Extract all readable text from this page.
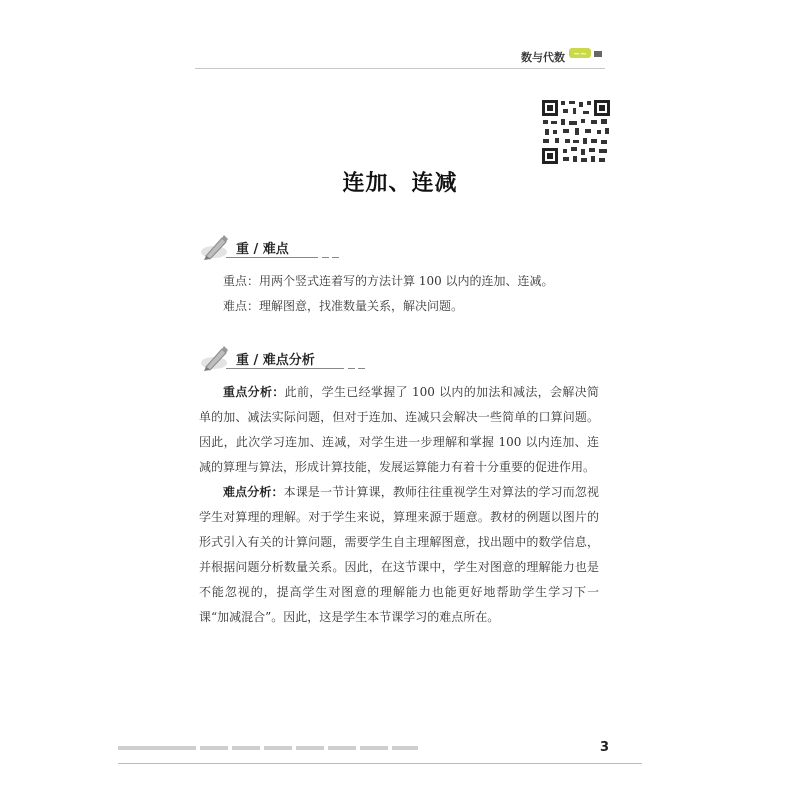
数与代数 ~~
连加、连减
重 / 难点
重点：用两个竖式连着写的方法计算 100 以内的连加、连减。
难点：理解图意，找准数量关系，解决问题。
重 / 难点分析
重点分析：此前，学生已经掌握了 100 以内的加法和减法，会解决简单的加、减法实际问题，但对于连加、连减只会解决一些简单的口算问题。因此，此次学习连加、连减，对学生进一步理解和掌握 100 以内连加、连减的算理与算法，形成计算技能，发展运算能力有着十分重要的促进作用。
难点分析：本课是一节计算课，教师往往重视学生对算法的学习而忽视学生对算理的理解。对于学生来说，算理来源于题意。教材的例题以图片的形式引入有关的计算问题，需要学生自主理解图意，找出题中的数学信息，并根据问题分析数量关系。因此，在这节课中，学生对图意的理解能力也是不能忽视的，提高学生对图意的理解能力也能更好地帮助学生学习下一课“加减混合”。因此，这是学生本节课学习的难点所在。
3
